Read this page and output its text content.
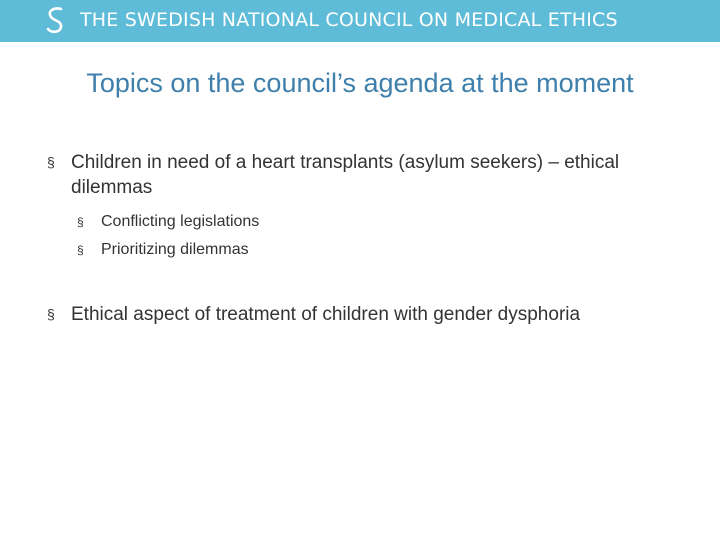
THE SWEDISH NATIONAL COUNCIL ON MEDICAL ETHICS
Topics on the council’s agenda at the moment
§ Children in need of a heart transplants (asylum seekers) – ethical dilemmas
§	Conflicting legislations
§	Prioritizing dilemmas
§ Ethical aspect of treatment of children with gender dysphoria
